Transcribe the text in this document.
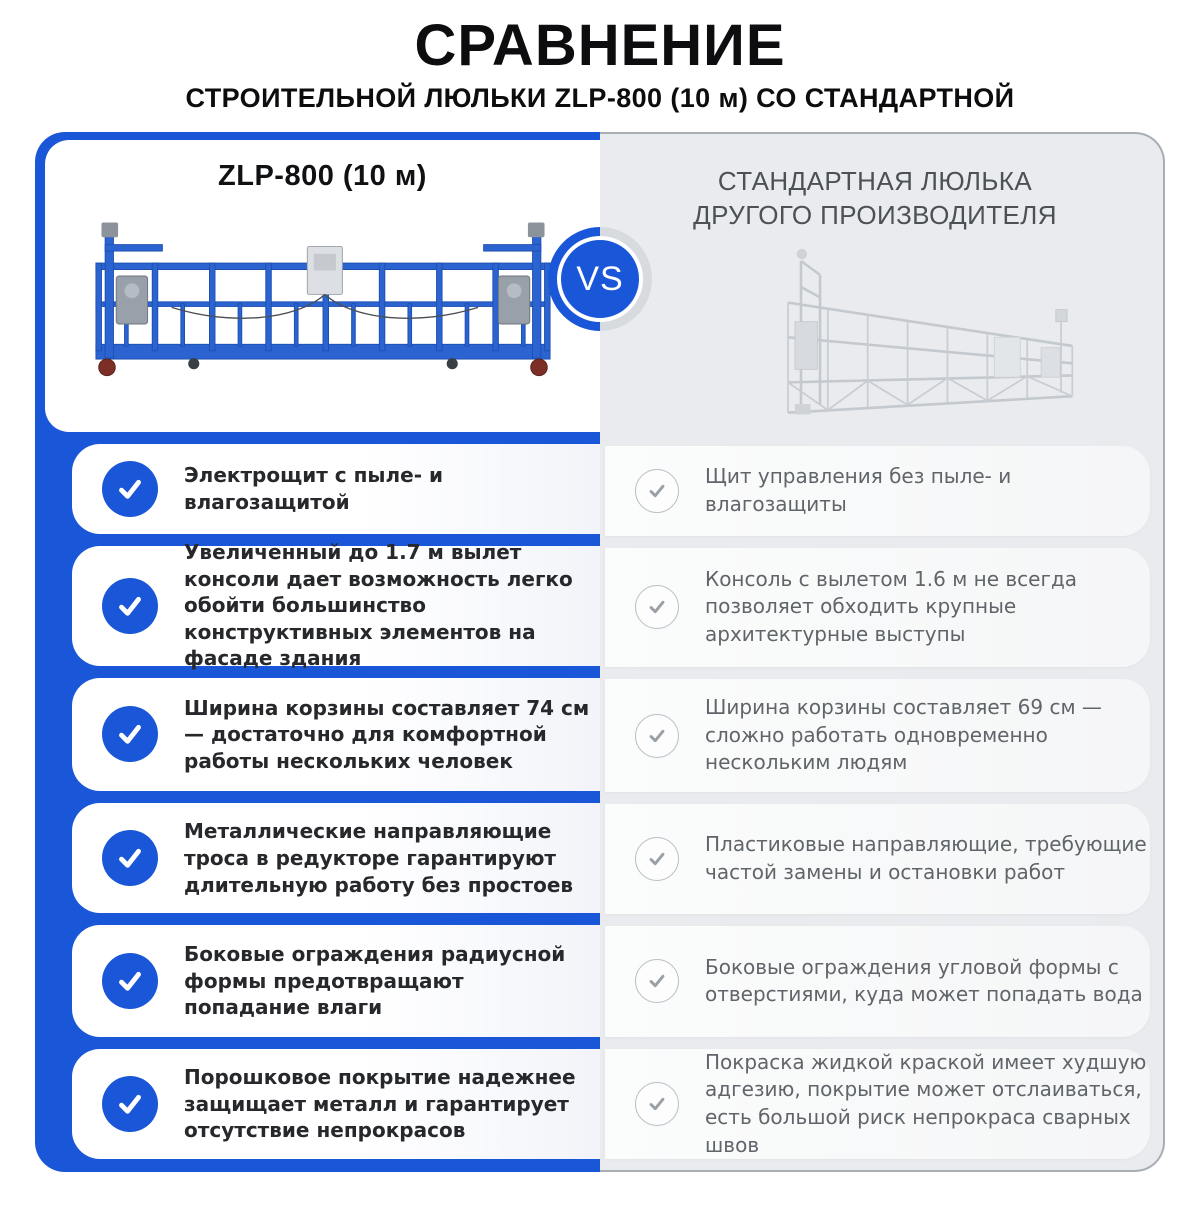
СРАВНЕНИЕ
СТРОИТЕЛЬНОЙ ЛЮЛЬКИ ZLP-800 (10 м) СО СТАНДАРТНОЙ
ZLP-800 (10 м)
Электрощит с пыле- и влагозащитой
Увеличенный до 1.7 м вылет консоли дает возможность легко обойти большинство конструктивных элементов на фасаде здания
Ширина корзины составляет 74 см — достаточно для комфортной работы нескольких человек
Металлические направляющие троса в редукторе гарантируют длительную работу без простоев
Боковые ограждения радиусной формы предотвращают попадание влаги
Порошковое покрытие надежнее защищает металл и гарантирует отсутствие непрокрасов
СТАНДАРТНАЯ ЛЮЛЬКА ДРУГОГО ПРОИЗВОДИТЕЛЯ
Щит управления без пыле- и влагозащиты
Консоль с вылетом 1.6 м не всегда позволяет обходить крупные архитектурные выступы
Ширина корзины составляет 69 см — сложно работать одновременно нескольким людям
Пластиковые направляющие, требующие частой замены и остановки работ
Боковые ограждения угловой формы с отверстиями, куда может попадать вода
Покраска жидкой краской имеет худшую адгезию, покрытие может отслаиваться, есть большой риск непрокраса сварных швов
VS
